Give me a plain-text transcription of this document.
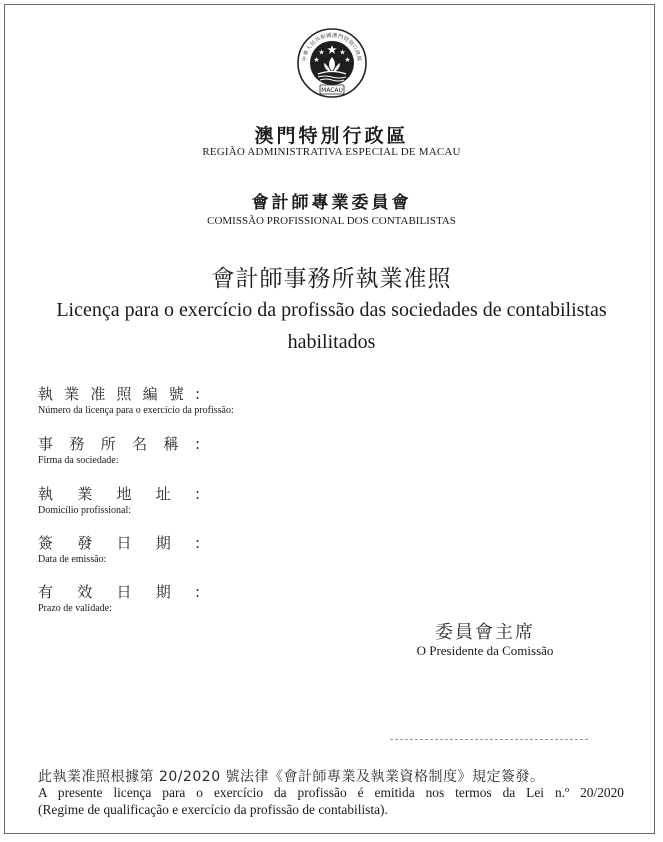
中華人民共和國澳門特別行政區
MACAU
澳門特別行政區
REGIÃO ADMINISTRATIVA ESPECIAL DE MACAU
會計師專業委員會
COMISSÃO PROFISSIONAL DOS CONTABILISTAS
會計師事務所執業准照
Licença para o exercício da profissão das sociedades de contabilistas
habilitados
執業准照編號:
Número da licença para o exercício da profissão:
事務所名稱:
Firma da sociedade:
執業地址:
Domicílio profissional:
簽發日期:
Data de emissão:
有效日期:
Prazo de validade:
委員會主席
O Presidente da Comissão
此執業准照根據第 20/2020 號法律《會計師專業及執業資格制度》規定簽發。
A presente licença para o exercício da profissão é emitida nos termos da Lei n.º 20/2020
(Regime de qualificação e exercício da profissão de contabilista).
